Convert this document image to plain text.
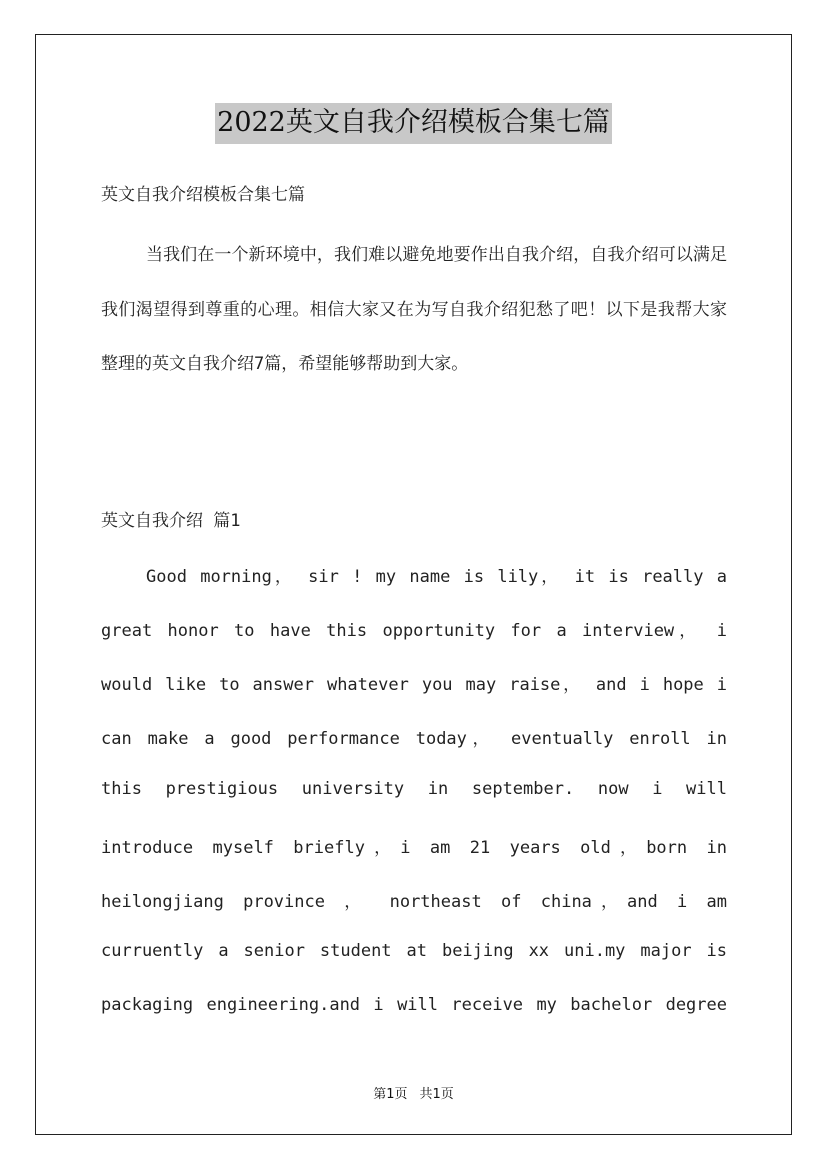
2022英文自我介绍模板合集七篇
英文自我介绍模板合集七篇
当我们在一个新环境中，我们难以避免地要作出自我介绍，自我介绍可以满足我们渴望得到尊重的心理。相信大家又在为写自我介绍犯愁了吧！以下是我帮大家整理的英文自我介绍7篇，希望能够帮助到大家。
英文自我介绍 篇1
Good morning， sir ! my name is lily， it is really a
great honor to have this opportunity for a interview， i
would like to answer whatever you may raise， and i hope i
can make a good performance today， eventually enroll in
this prestigious university in september. now i will
introduce myself briefly，i am 21 years old，born in
heilongjiang province ， northeast of china，and i am
curruently a senior student at beijing xx uni.my major is
packaging engineering.and i will receive my bachelor degree
第1页 共1页
